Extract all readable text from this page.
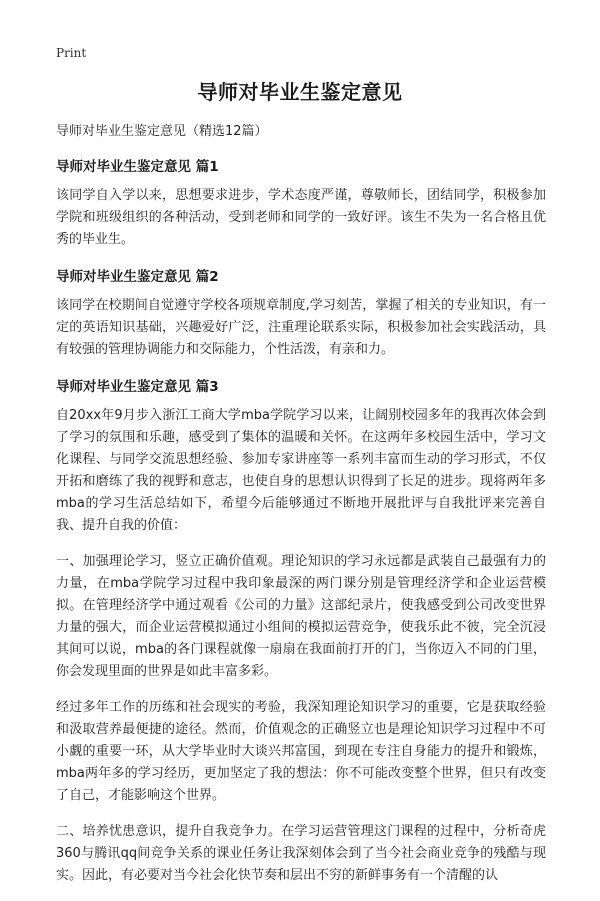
Print
导师对毕业生鉴定意见
导师对毕业生鉴定意见（精选12篇）
导师对毕业生鉴定意见 篇1
该同学自入学以来，思想要求进步，学术态度严谨，尊敬师长，团结同学，积极参加学院和班级组织的各种活动，受到老师和同学的一致好评。该生不失为一名合格且优秀的毕业生。
导师对毕业生鉴定意见 篇2
该同学在校期间自觉遵守学校各项规章制度,学习刻苦，掌握了相关的专业知识，有一定的英语知识基础，兴趣爱好广泛，注重理论联系实际，积极参加社会实践活动，具有较强的管理协调能力和交际能力，个性活泼，有亲和力。
导师对毕业生鉴定意见 篇3
自20xx年9月步入浙江工商大学mba学院学习以来，让阔别校园多年的我再次体会到了学习的氛围和乐趣，感受到了集体的温暖和关怀。在这两年多校园生活中，学习文化课程、与同学交流思想经验、参加专家讲座等一系列丰富而生动的学习形式，不仅开拓和磨练了我的视野和意志，也使自身的思想认识得到了长足的进步。现将两年多mba的学习生活总结如下，希望今后能够通过不断地开展批评与自我批评来完善自我、提升自我的价值：
一、加强理论学习，竖立正确价值观。理论知识的学习永远都是武装自己最强有力的力量，在mba学院学习过程中我印象最深的两门课分别是管理经济学和企业运营模拟。在管理经济学中通过观看《公司的力量》这部纪录片，使我感受到公司改变世界力量的强大，而企业运营模拟通过小组间的模拟运营竞争，使我乐此不彼，完全沉浸其间可以说，mba的各门课程就像一扇扇在我面前打开的门，当你迈入不同的门里，你会发现里面的世界是如此丰富多彩。
经过多年工作的历练和社会现实的考验，我深知理论知识学习的重要，它是获取经验和汲取营养最便捷的途径。然而，价值观念的正确竖立也是理论知识学习过程中不可小觑的重要一环，从大学毕业时大谈兴邦富国，到现在专注自身能力的提升和锻炼，mba两年多的学习经历，更加坚定了我的想法：你不可能改变整个世界，但只有改变了自己，才能影响这个世界。
二、培养忧患意识，提升自我竞争力。在学习运营管理这门课程的过程中，分析奇虎360与腾讯qq间竞争关系的课业任务让我深刻体会到了当今社会商业竞争的残酷与现实。因此，有必要对当今社会化快节奏和层出不穷的新鲜事务有一个清醒的认
